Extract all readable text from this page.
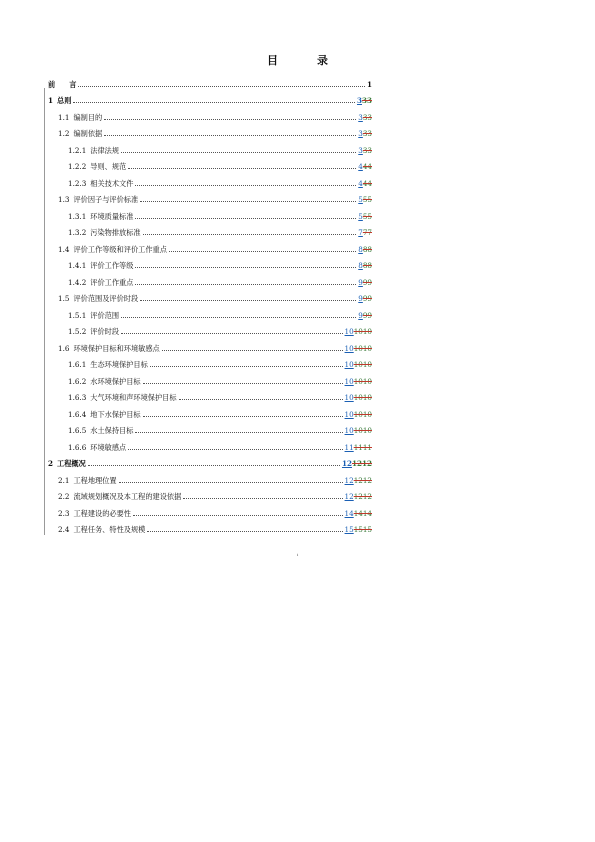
目　录
前 言	1
1 总则	333
1.1 编制目的	333
1.2 编制依据	333
1.2.1 法律法规	333
1.2.2 导则、规范	444
1.2.3 相关技术文件	444
1.3 评价因子与评价标准	555
1.3.1 环境质量标准	555
1.3.2 污染物排放标准	777
1.4 评价工作等级和评价工作重点	888
1.4.1 评价工作等级	888
1.4.2 评价工作重点	999
1.5 评价范围及评价时段	999
1.5.1 评价范围	999
1.5.2 评价时段	101010
1.6 环境保护目标和环境敏感点	101010
1.6.1 生态环境保护目标	101010
1.6.2 水环境保护目标	101010
1.6.3 大气环境和声环境保护目标	101010
1.6.4 地下水保护目标	101010
1.6.5 水土保持目标	101010
1.6.6 环境敏感点	111111
2 工程概况	121212
2.1 工程地理位置	121212
2.2 流域规划概况及本工程的建设依据	121212
2.3 工程建设的必要性	141414
2.4 工程任务、特性及规模	151515
i
